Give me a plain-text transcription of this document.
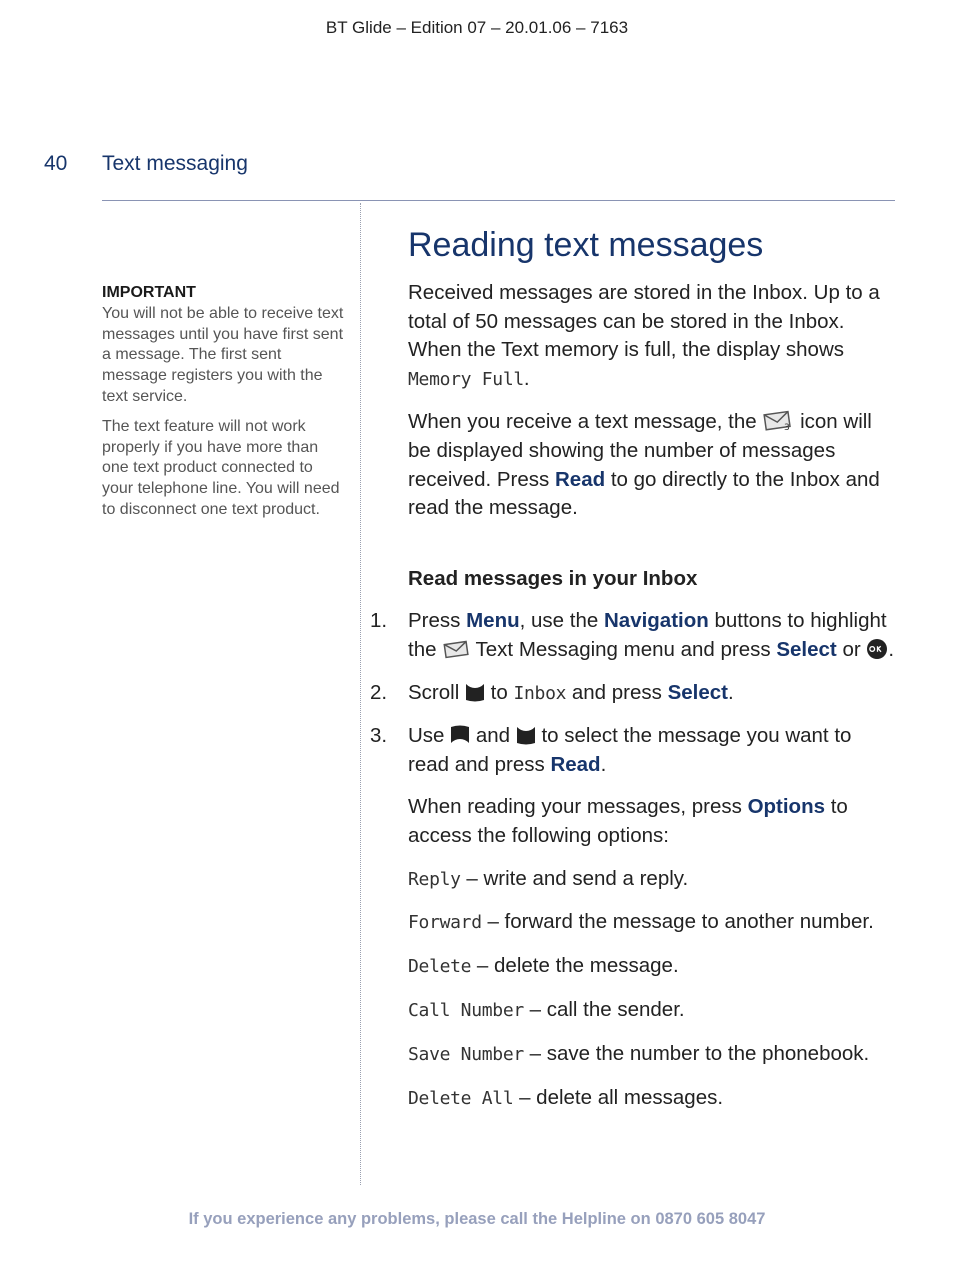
BT Glide – Edition 07 – 20.01.06 – 7163
40 Text messaging
IMPORTANT

You will not be able to receive text messages until you have first sent a message. The first sent message registers you with the text service.

The text feature will not work properly if you have more than one text product connected to your telephone line. You will need to disconnect one text product.

Reading text messages

Received messages are stored in the Inbox. Up to a total of 50 messages can be stored in the Inbox. When the Text memory is full, the display shows Memory Full.

When you receive a text message, the 3 icon will be displayed showing the number of messages received. Press Read to go directly to the Inbox and read the message.

Read messages in your Inbox

1. Press Menu, use the Navigation buttons to highlight the  Text Messaging menu and press Select or .
2. Scroll  to Inbox and press Select.
3. Use  and  to select the message you want to read and press Read.

When reading your messages, press Options to access the following options:

Reply – write and send a reply.

Forward – forward the message to another number.

Delete – delete the message.

Call Number – call the sender.

Save Number – save the number to the phonebook.

Delete All – delete all messages.

If you experience any problems, please call the Helpline on 0870 605 8047
